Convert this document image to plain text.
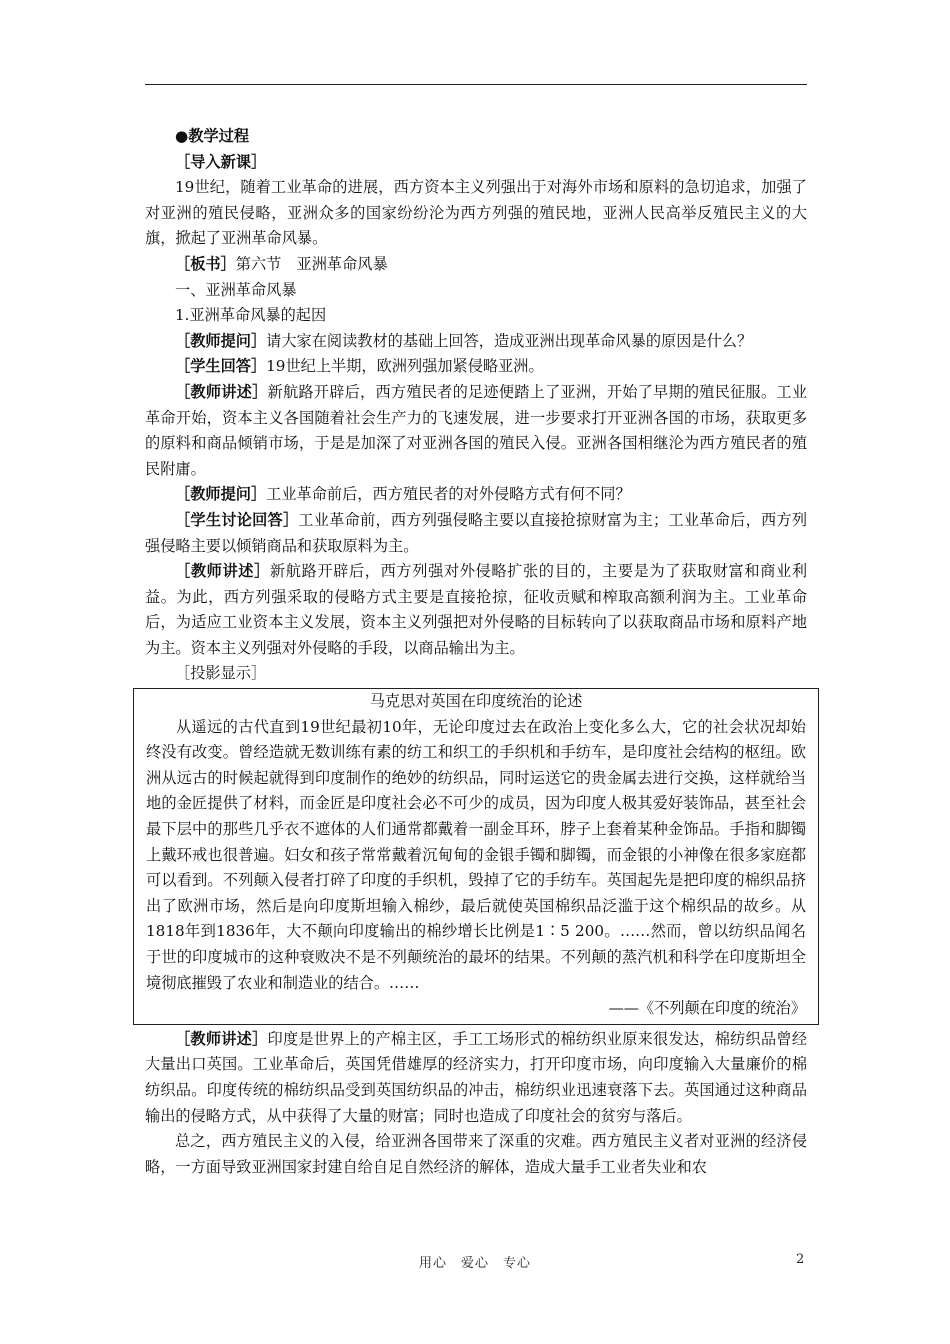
●教学过程

［导入新课］

19世纪，随着工业革命的进展，西方资本主义列强出于对海外市场和原料的急切追求，加强了对亚洲的殖民侵略，亚洲众多的国家纷纷沦为西方列强的殖民地，亚洲人民高举反殖民主义的大旗，掀起了亚洲革命风暴。

［板书］第六节　亚洲革命风暴

一、亚洲革命风暴

1.亚洲革命风暴的起因

［教师提问］请大家在阅读教材的基础上回答，造成亚洲出现革命风暴的原因是什么？

［学生回答］19世纪上半期，欧洲列强加紧侵略亚洲。

［教师讲述］新航路开辟后，西方殖民者的足迹便踏上了亚洲，开始了早期的殖民征服。工业革命开始，资本主义各国随着社会生产力的飞速发展，进一步要求打开亚洲各国的市场，获取更多的原料和商品倾销市场，于是是加深了对亚洲各国的殖民入侵。亚洲各国相继沦为西方殖民者的殖民附庸。

［教师提问］工业革命前后，西方殖民者的对外侵略方式有何不同？

［学生讨论回答］工业革命前，西方列强侵略主要以直接抢掠财富为主；工业革命后，西方列强侵略主要以倾销商品和获取原料为主。

［教师讲述］新航路开辟后，西方列强对外侵略扩张的目的，主要是为了获取财富和商业利益。为此，西方列强采取的侵略方式主要是直接抢掠，征收贡赋和榨取高额利润为主。工业革命后，为适应工业资本主义发展，资本主义列强把对外侵略的目标转向了以获取商品市场和原料产地为主。资本主义列强对外侵略的手段，以商品输出为主。

［投影显示］

马克思对英国在印度统治的论述

从遥远的古代直到19世纪最初10年，无论印度过去在政治上变化多么大，它的社会状况却始终没有改变。曾经造就无数训练有素的纺工和织工的手织机和手纺车，是印度社会结构的枢纽。欧洲从远古的时候起就得到印度制作的绝妙的纺织品，同时运送它的贵金属去进行交换，这样就给当地的金匠提供了材料，而金匠是印度社会必不可少的成员，因为印度人极其爱好装饰品，甚至社会最下层中的那些几乎衣不遮体的人们通常都戴着一副金耳环，脖子上套着某种金饰品。手指和脚镯上戴环戒也很普遍。妇女和孩子常常戴着沉甸甸的金银手镯和脚镯，而金银的小神像在很多家庭都可以看到。不列颠入侵者打碎了印度的手织机，毁掉了它的手纺车。英国起先是把印度的棉织品挤出了欧洲市场，然后是向印度斯坦输入棉纱，最后就使英国棉织品泛滥于这个棉织品的故乡。从1818年到1836年，大不颠向印度输出的棉纱增长比例是1∶5 200。……然而，曾以纺织品闻名于世的印度城市的这种衰败决不是不列颠统治的最坏的结果。不列颠的蒸汽机和科学在印度斯坦全境彻底摧毁了农业和制造业的结合。……

——《不列颠在印度的统治》

［教师讲述］印度是世界上的产棉主区，手工工场形式的棉纺织业原来很发达，棉纺织品曾经大量出口英国。工业革命后，英国凭借雄厚的经济实力，打开印度市场，向印度输入大量廉价的棉纺织品。印度传统的棉纺织品受到英国纺织品的冲击，棉纺织业迅速衰落下去。英国通过这种商品输出的侵略方式，从中获得了大量的财富；同时也造成了印度社会的贫穷与落后。

总之，西方殖民主义的入侵，给亚洲各国带来了深重的灾难。西方殖民主义者对亚洲的经济侵略，一方面导致亚洲国家封建自给自足自然经济的解体，造成大量手工业者失业和农

用心　爱心　专心	2
